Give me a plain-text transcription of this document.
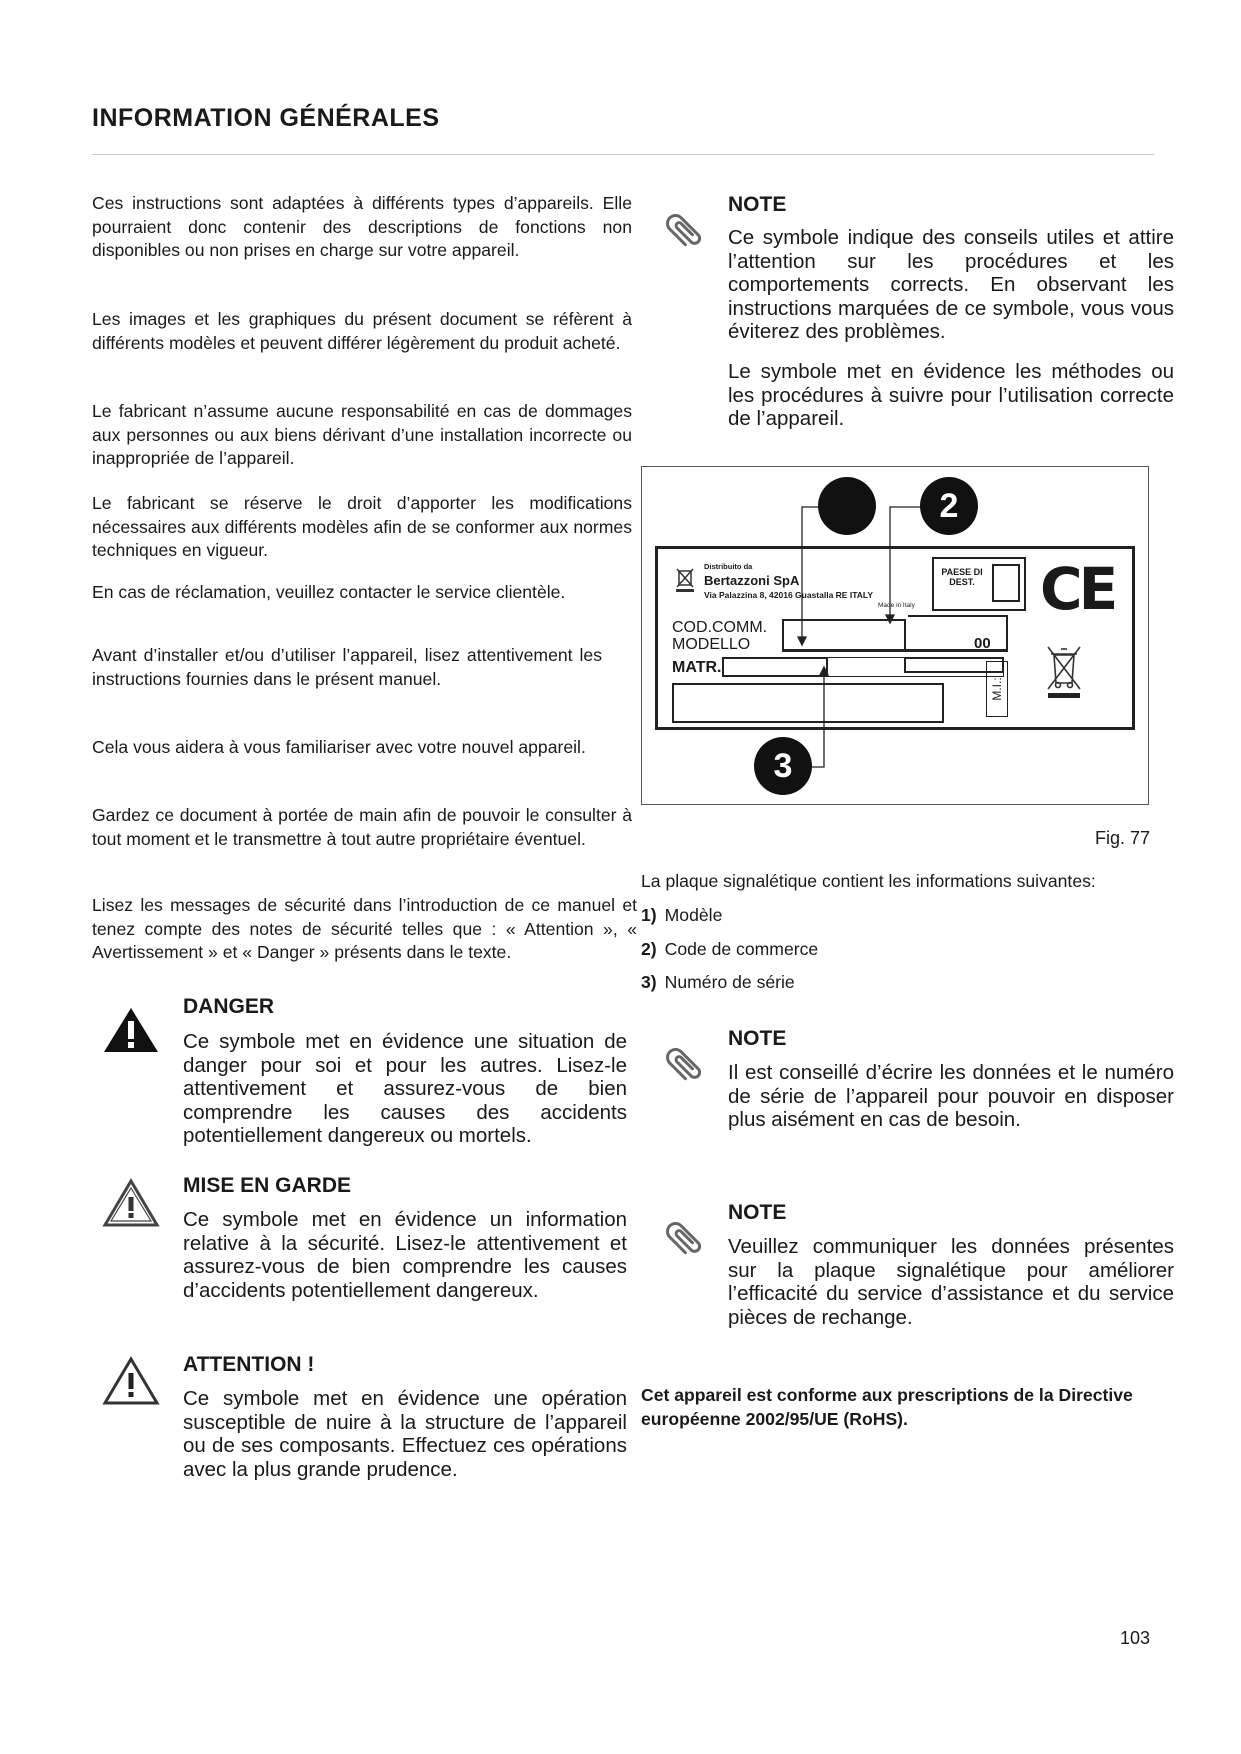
INFORMATION GÉNÉRALES
Ces instructions sont adaptées à différents types d’appareils. Elle pourraient donc contenir des descriptions de fonctions non disponibles ou non prises en charge sur votre appareil.
Les images et les graphiques du présent document se réfèrent à différents modèles et peuvent différer légèrement du produit acheté.
Le fabricant n’assume aucune responsabilité en cas de dommages aux personnes ou aux biens dérivant d’une installation incorrecte ou inappropriée de l’appareil.
Le fabricant se réserve le droit d’apporter les modifications nécessaires aux différents modèles afin de se conformer aux normes techniques en vigueur.
En cas de réclamation, veuillez contacter le service clientèle.
Avant d’installer et/ou d’utiliser l’appareil, lisez attentivement les instructions fournies dans le présent manuel.
Cela vous aidera à vous familiariser avec votre nouvel appareil.
Gardez ce document à portée de main afin de pouvoir le consulter à tout moment et le transmettre à tout autre propriétaire éventuel.
Lisez les messages de sécurité dans l’introduction de ce manuel et tenez compte des notes de sécurité telles que : « Attention », « Avertissement » et « Danger » présents dans le texte.
DANGER
Ce symbole met en évidence une situation de danger pour soi et pour les autres. Lisez-le attentivement et assurez-vous de bien comprendre les causes des accidents potentiellement dangereux ou mortels.
MISE EN GARDE
Ce symbole met en évidence un information relative à la sécurité. Lisez-le attentivement et assurez-vous de bien comprendre les causes d’accidents potentiellement dangereux.
ATTENTION !
Ce symbole met en évidence une opération susceptible de nuire à la structure de l’appareil ou de ses composants. Effectuez ces opérations avec la plus grande prudence.
NOTE
Ce symbole indique des conseils utiles et attire l’attention sur les procédures et les comportements corrects. En observant les instructions marquées de ce symbole, vous vous éviterez des problèmes.
Le symbole met en évidence les méthodes ou les procédures à suivre pour l’utilisation correcte de l’appareil.
2
3
Distribuito da
Bertazzoni SpA
Via Palazzina 8, 42016 Guastalla RE ITALY
Made in Italy
PAESE DI DEST. CE
COD.COMM.
MODELLO	00
MATR.
M.I.:
Fig. 77
La plaque signalétique contient les informations suivantes:
1) Modèle
2) Code de commerce
3) Numéro de série
NOTE
Il est conseillé d’écrire les données et le numéro de série de l’appareil pour pouvoir en disposer plus aisément en cas de besoin.
NOTE
Veuillez communiquer les données présentes sur la plaque signalétique pour améliorer l’efficacité du service d’assistance et du service pièces de rechange.
Cet appareil est conforme aux prescriptions de la Directive européenne 2002/95/UE (RoHS).
103
